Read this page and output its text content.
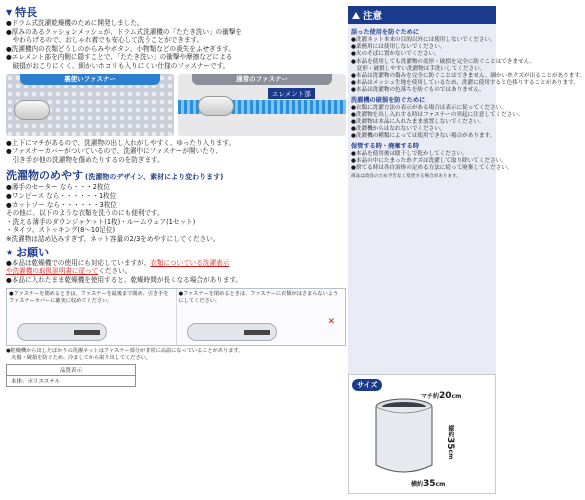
▼ 特長
●ドラム式洗濯乾燥機のために開発しました。
●厚みのあるクッションメッシュが、ドラム式洗濯機の「たたき洗い」の衝撃を
　やわらげるので、おしゃれ着でも安心して洗うことができます。
●洗濯機内の衣類どうしのからみやボタン、小物類などの喪失をふせぎます。
●エレメント部を内側に隠すことで、「たたき洗い」の衝撃や摩擦などによる
　破損がおこりにくく、細かいホコリも入りにくい仕様のファスナーです。
裏使いファスナー	通常のファスナー
エレメント部
●上下にマチがあるので、洗濯物の出し入れがしやすく、ゆったり入ります。
●ファスナーカバーがついているので、洗濯中にファスナーが開いたり、
　引き手が他の洗濯物を傷めたりするのを防ぎます。
洗濯物のめやす (洗濯物のデザイン、素材により変わります)
●薄手のセーター なら・・・2枚位
●ワンピース なら・・・・・・1枚位
●カットソー なら・・・・・・3枚位
その他に、以下のような衣類を洗うのにも便利です。
・洗える薄手のダウンジャケット(1枚)・ルームウェア(1セット)
・タイツ、ストッキング(8〜10足位)
※洗濯物は詰め込みすぎず、ネット容量の2/3をめやすにしてください。
★ お願い
●本品は乾燥機での使用にも対応していますが、衣類についている洗濯表示
や洗濯機の取扱説明書に従ってください。
●本品に入れたまま乾燥機を使用すると、乾燥時間が長くなる場合があります。
●ファスナーを閉めるときは、ファスナーを最後まで閉め、引き手をファスナーカバーに確実に収めてください。
●ファスナーを閉めるときは、ファスナーに衣類がはさまらないようにしてください。
✕
●乾燥機から出したばかりの洗濯ネットはファスナー部分が非常に高温になっていることがあります。
　火傷・破損を防ぐため、冷ましてから取り出してください。
品質表示
本体：ポリエステル
注意
誤った使用を防ぐために
●洗濯ネット本来の目的以外には使用しないでください。
●業務用には使用しないでください。
●火のそばに置かないでください。
●本品を使用しても洗濯物の変形・破損を完全に防ぐことはできません。
　変形・破損しやすい洗濯物は手洗いしてください。
●本品は洗濯物の傷みを完全に防ぐことはできません。細かい糸クズが出ることがあります。
●本品はメッシュ生地を使用しているため、洗濯に使用すると色移りすることがあります。
●本品は洗濯物の色落ちを防ぐものではありません。
洗濯機の破損を防ぐために
●衣類に洗濯方法の表示がある場合は表示に従ってください。
●洗濯物を出し入れする時はファスナーの突起に注意してください。
●洗濯物は本品に入れたまま放置しないでください。
●洗濯機からはなれないでください。
●洗濯機の種類によっては使用できない場合があります。
保管する時・廃棄する時
●本品を使用後は陰干しで乾かしてください。
●本品の中にたまった糸クズは洗濯して取り除いてください。
●捨てる時は各自治体の定める方法に従って廃棄してください。
商品は改良のため予告なく変更する場合があります。
サイズ
マチ約20cm
縦約35cm
横約35cm
